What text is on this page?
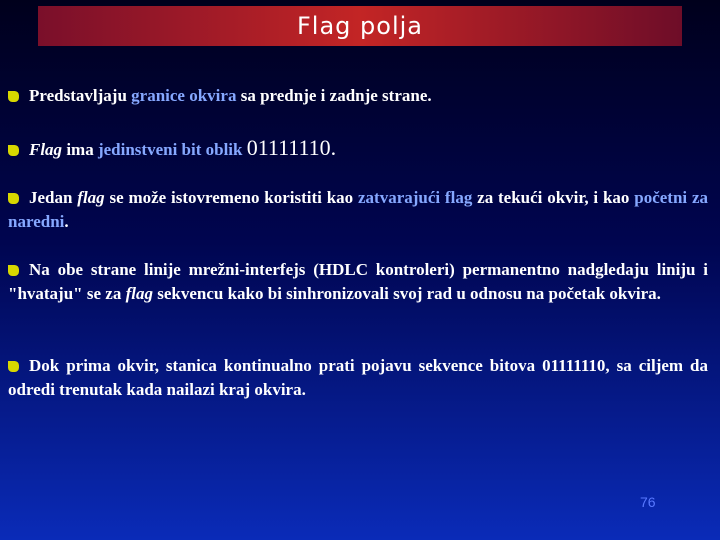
Flag polja
Predstavljaju granice okvira sa prednje i zadnje strane.
Flag ima jedinstveni bit oblik 01111110.
Jedan flag se može istovremeno koristiti kao zatvarajući flag za tekući okvir, i kao početni za naredni.
Na obe strane linije mrežni-interfejs (HDLC kontroleri) permanentno nadgledaju liniju i "hvataju" se za flag sekvencu kako bi sinhronizovali svoj rad u odnosu na početak okvira.
Dok prima okvir, stanica kontinualno prati pojavu sekvence bitova 01111110, sa ciljem da odredi trenutak kada nailazi kraj okvira.
76
